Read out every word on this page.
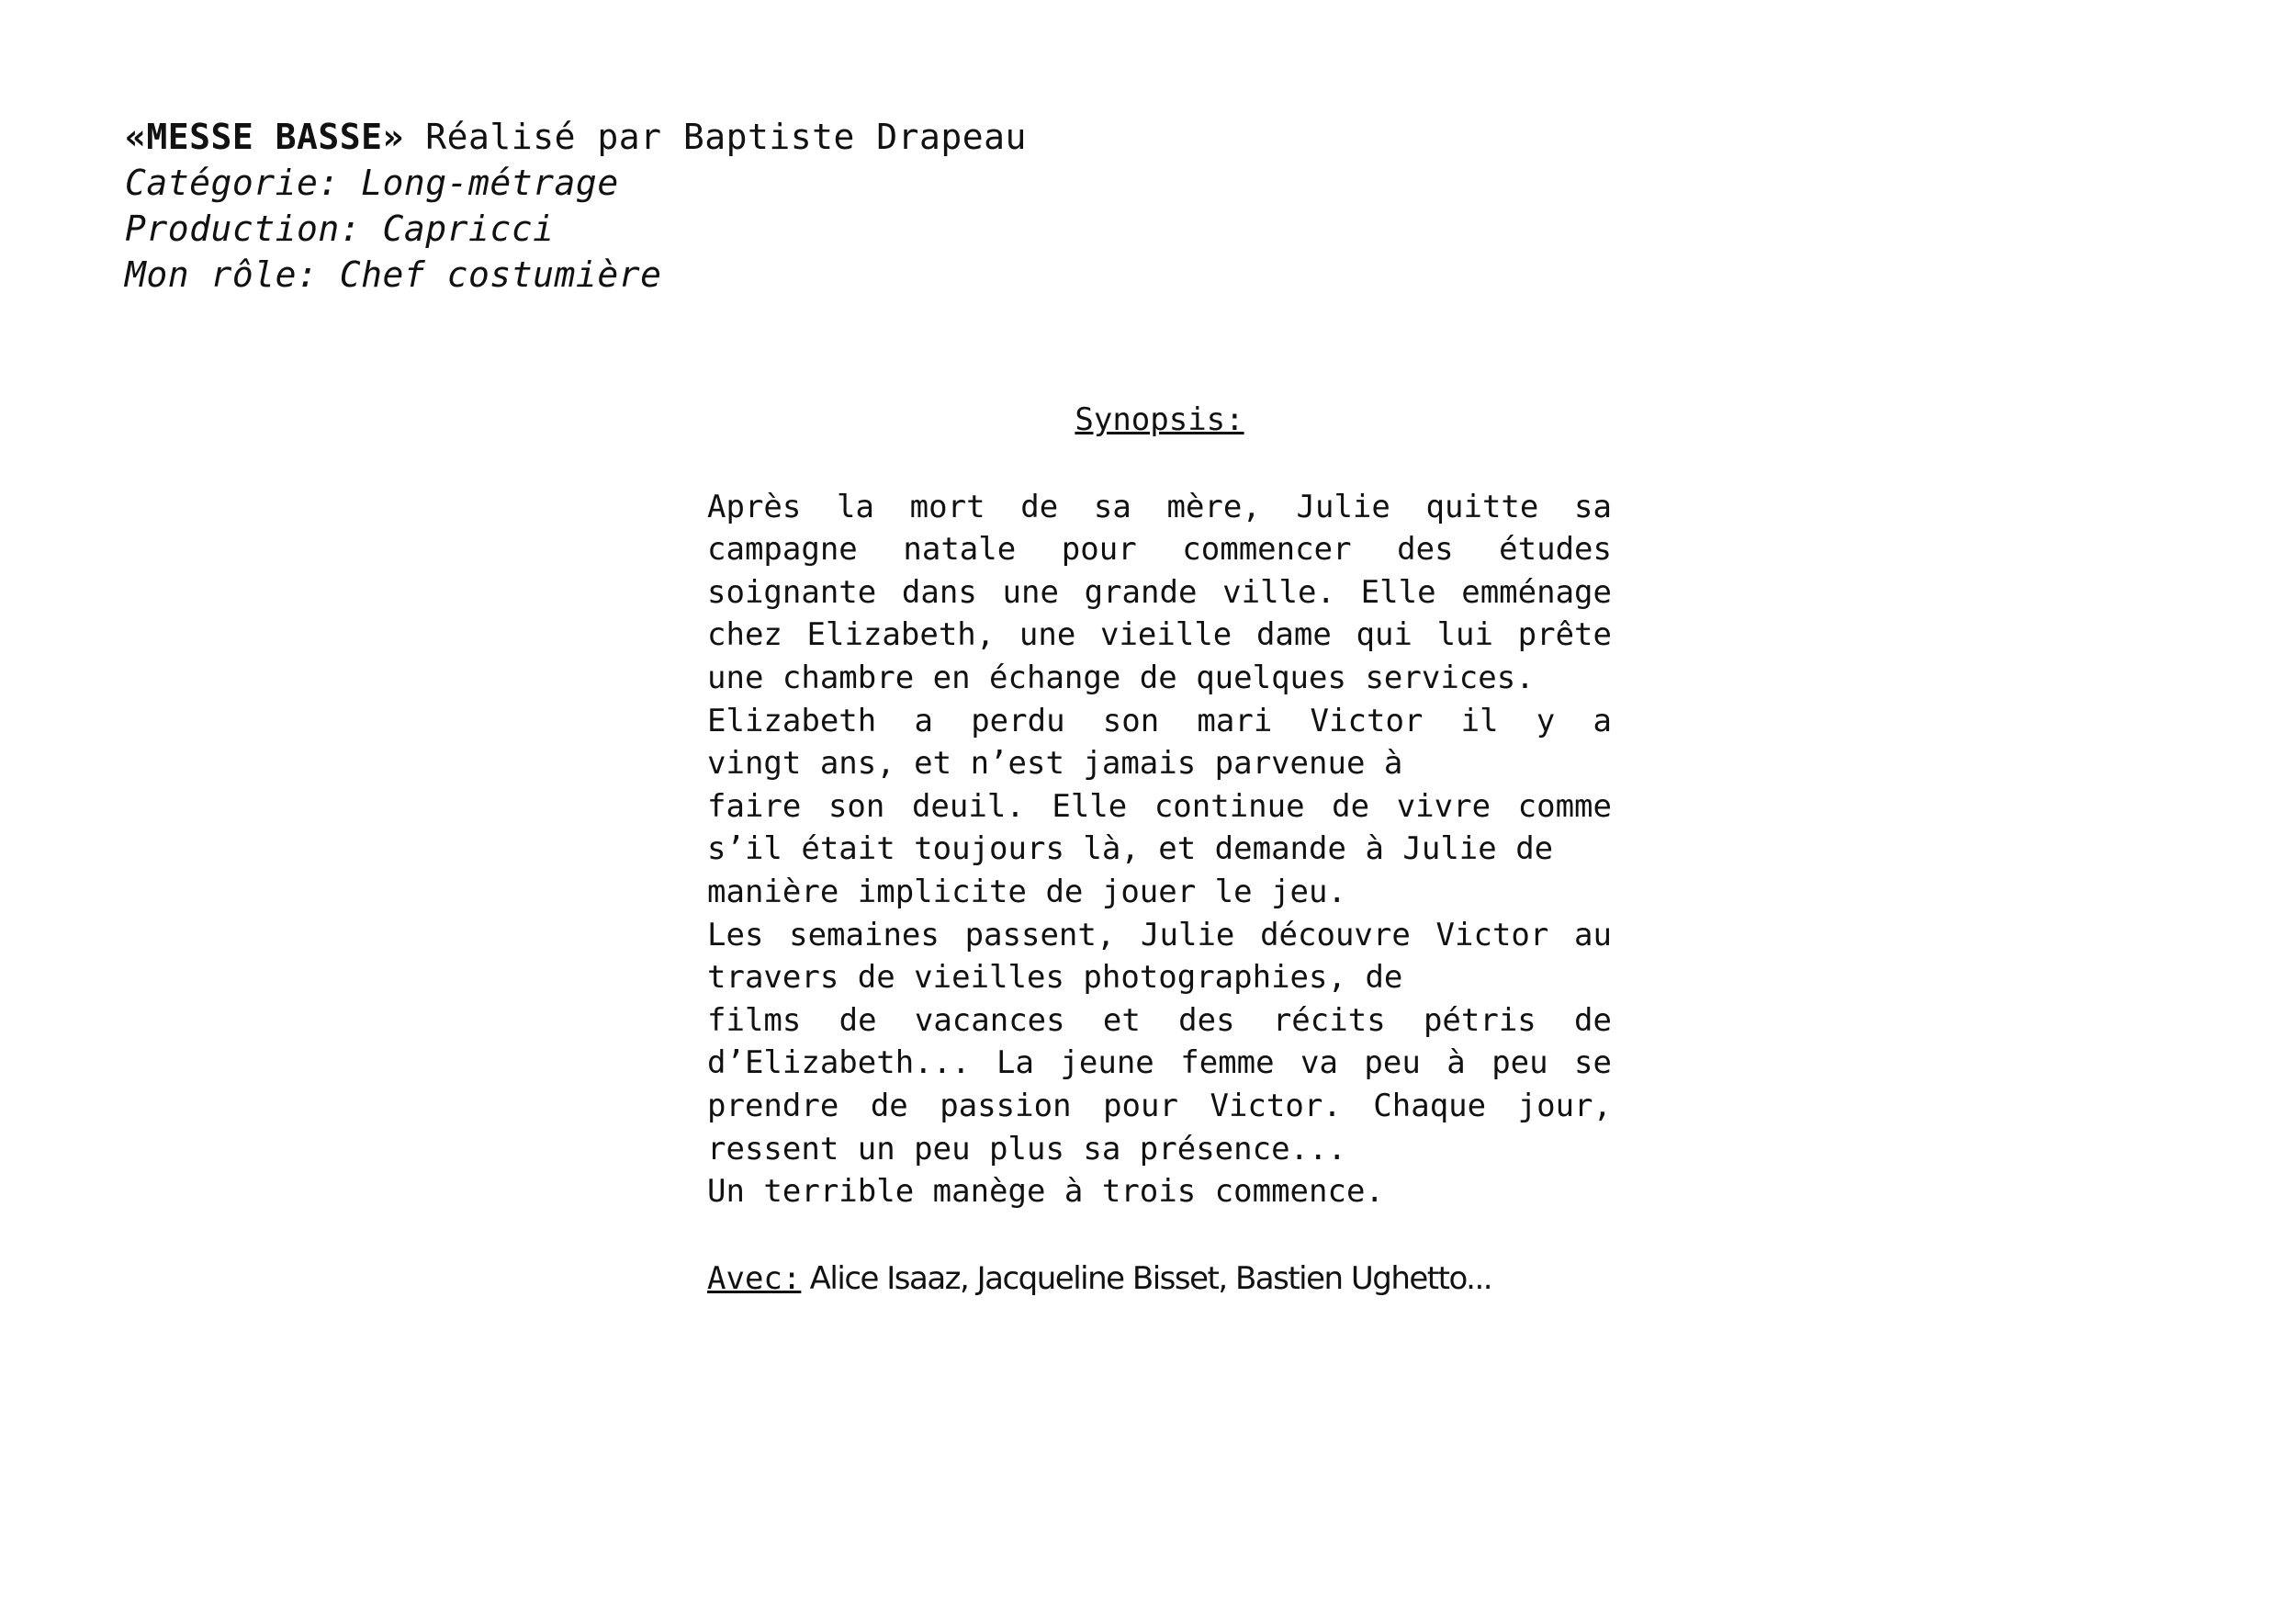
«MESSE BASSE» Réalisé par Baptiste Drapeau
Catégorie: Long-métrage
Production: Capricci
Mon rôle: Chef costumière
Synopsis:
Après la mort de sa mère, Julie quitte sa
campagne natale pour commencer des études
soignante dans une grande ville. Elle emménage
chez Elizabeth, une vieille dame qui lui prête
une chambre en échange de quelques services.
Elizabeth a perdu son mari Victor il y a
vingt ans, et n’est jamais parvenue à
faire son deuil. Elle continue de vivre comme
s’il était toujours là, et demande à Julie de
manière implicite de jouer le jeu.
Les semaines passent, Julie découvre Victor au
travers de vieilles photographies, de
films de vacances et des récits pétris de
d’Elizabeth... La jeune femme va peu à peu se
prendre de passion pour Victor. Chaque jour,
ressent un peu plus sa présence...
Un terrible manège à trois commence.
Avec: Alice Isaaz, Jacqueline Bisset, Bastien Ughetto...
